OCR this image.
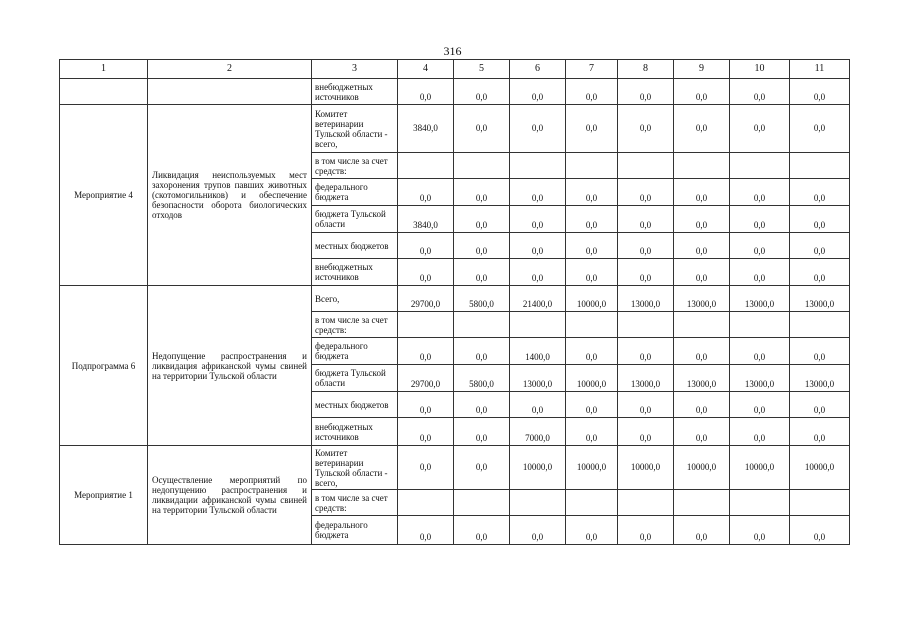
316
1	2	3	4	5	6	7	8	9	10	11
		внебюджетных источников	0,0	0,0	0,0	0,0	0,0	0,0	0,0	0,0
Мероприятие 4	Ликвидация неиспользуемых мест захоронения трупов павших животных (скотомогильников) и обеспечение безопасности оборота биологических отходов	Комитет ветеринарии Тульской области - всего,	3840,0	0,0	0,0	0,0	0,0	0,0	0,0	0,0
		в том числе за счет средств:								
		федерального бюджета	0,0	0,0	0,0	0,0	0,0	0,0	0,0	0,0
		бюджета Тульской области	3840,0	0,0	0,0	0,0	0,0	0,0	0,0	0,0
		местных бюджетов	0,0	0,0	0,0	0,0	0,0	0,0	0,0	0,0
		внебюджетных источников	0,0	0,0	0,0	0,0	0,0	0,0	0,0	0,0
Подпрограмма 6	Недопущение распространения и ликвидация африканской чумы свиней на территории Тульской области	Всего,	29700,0	5800,0	21400,0	10000,0	13000,0	13000,0	13000,0	13000,0
		в том числе за счет средств:								
		федерального бюджета	0,0	0,0	1400,0	0,0	0,0	0,0	0,0	0,0
		бюджета Тульской области	29700,0	5800,0	13000,0	10000,0	13000,0	13000,0	13000,0	13000,0
		местных бюджетов	0,0	0,0	0,0	0,0	0,0	0,0	0,0	0,0
		внебюджетных источников	0,0	0,0	7000,0	0,0	0,0	0,0	0,0	0,0
Мероприятие 1	Осуществление мероприятий по недопущению распространения и ликвидации африканской чумы свиней на территории Тульской области	Комитет ветеринарии Тульской области - всего,	0,0	0,0	10000,0	10000,0	10000,0	10000,0	10000,0	10000,0
		в том числе за счет средств:								
		федерального бюджета	0,0	0,0	0,0	0,0	0,0	0,0	0,0	0,0
